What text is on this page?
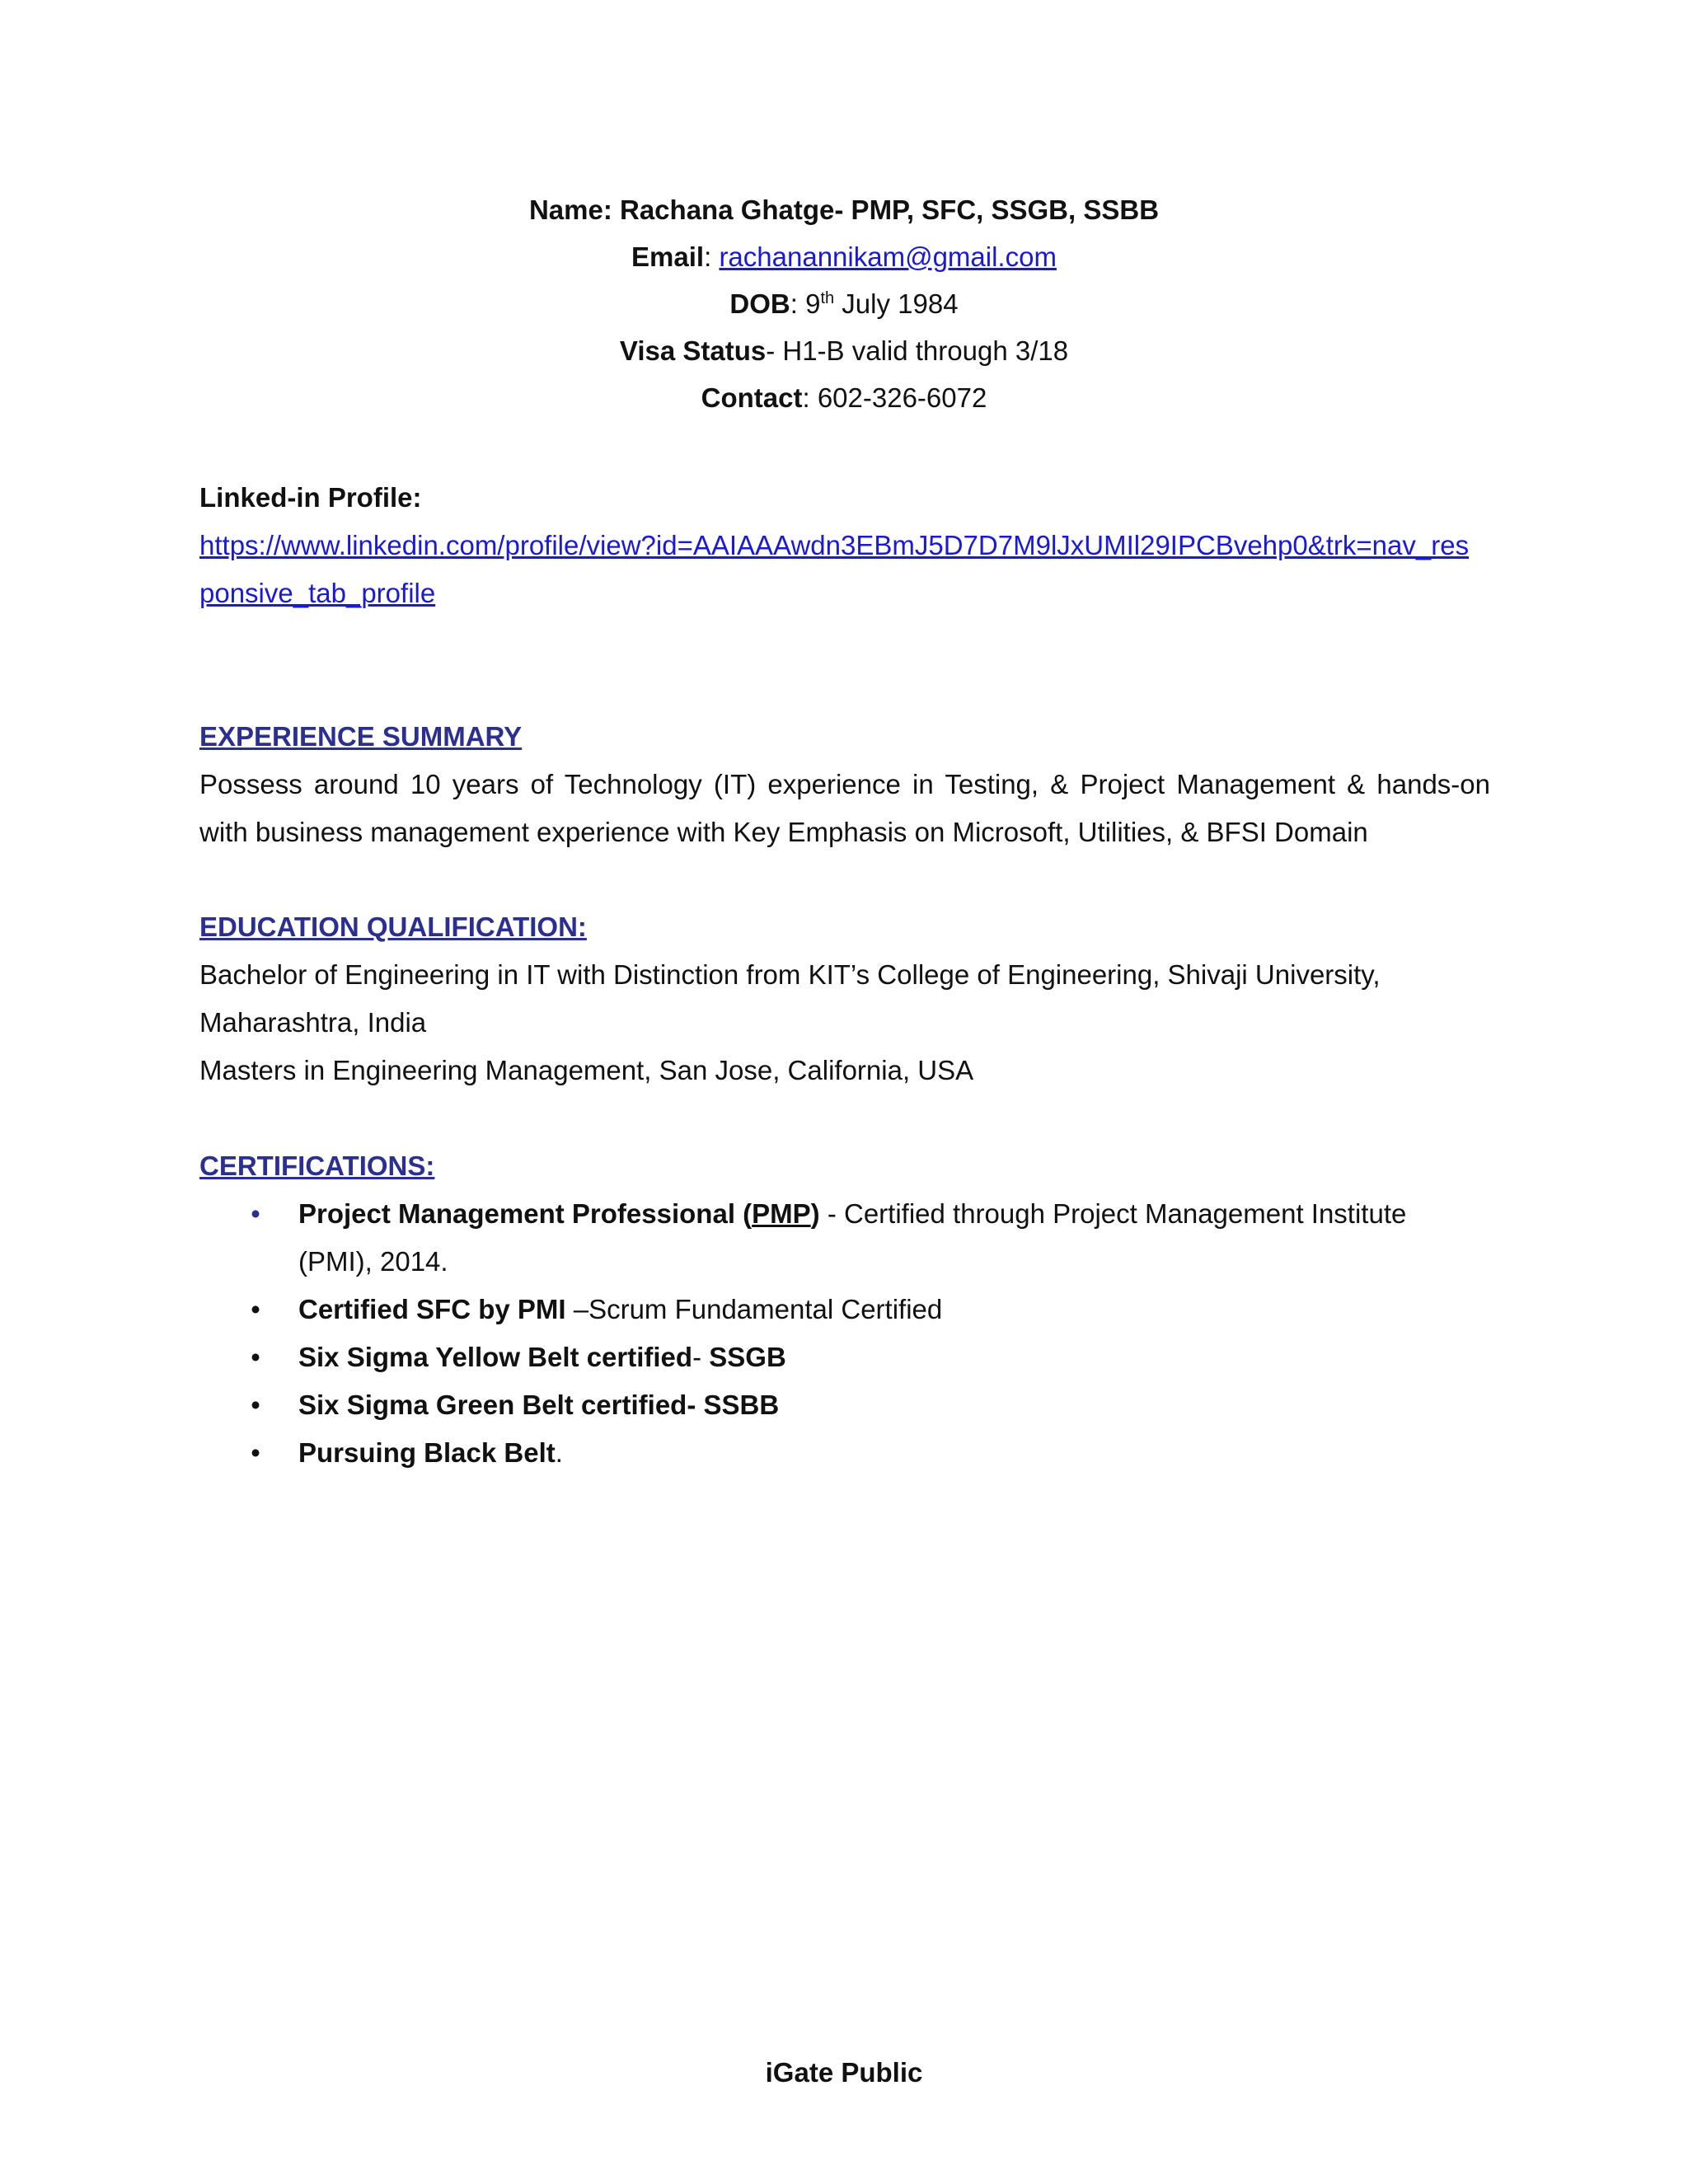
Name: Rachana Ghatge- PMP, SFC, SSGB, SSBB
Email: rachanannikam@gmail.com
DOB: 9th July 1984
Visa Status- H1-B valid through 3/18
Contact: 602-326-6072
Linked-in Profile:
https://www.linkedin.com/profile/view?id=AAIAAAwdn3EBmJ5D7D7M9lJxUMIl29IPCBvehp0&trk=nav_res
ponsive_tab_profile
EXPERIENCE SUMMARY
Possess around 10 years of Technology (IT) experience in Testing, & Project Management & hands-on
with business management experience with Key Emphasis on Microsoft, Utilities, & BFSI Domain
EDUCATION QUALIFICATION:
Bachelor of Engineering in IT with Distinction from KIT’s College of Engineering, Shivaji University,
Maharashtra, India
Masters in Engineering Management, San Jose, California, USA
CERTIFICATIONS:
• Project Management Professional (PMP) - Certified through Project Management Institute
(PMI), 2014.
• Certified SFC by PMI –Scrum Fundamental Certified
• Six Sigma Yellow Belt certified- SSGB
• Six Sigma Green Belt certified- SSBB
• Pursuing Black Belt.
iGate Public
